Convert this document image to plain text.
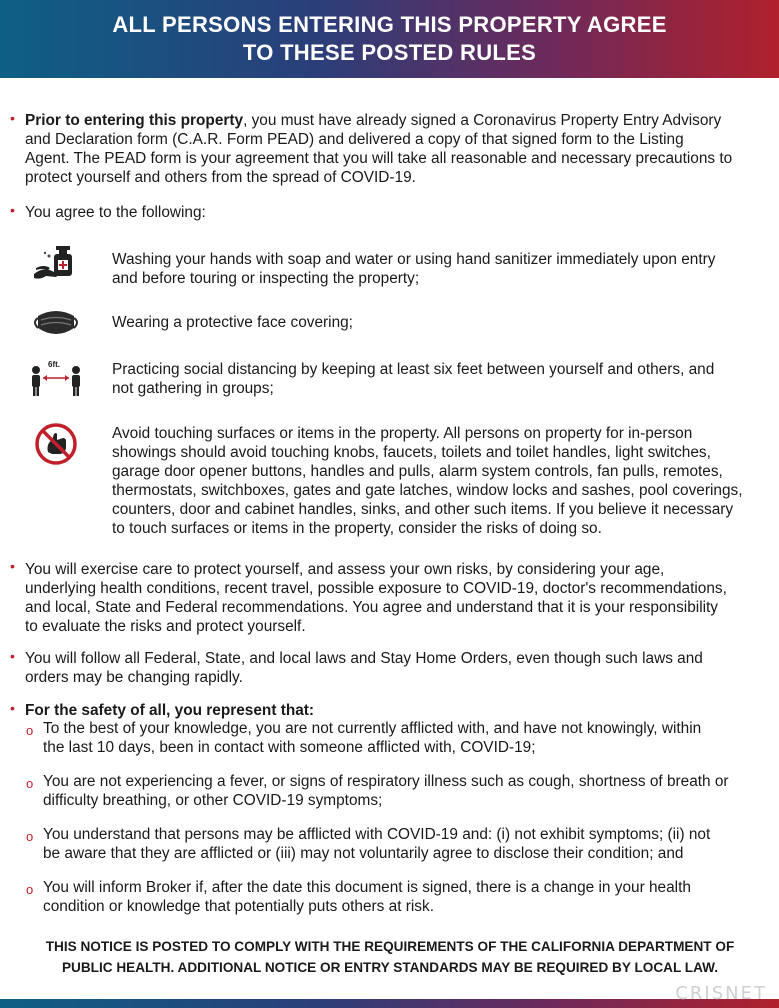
ALL PERSONS ENTERING THIS PROPERTY AGREE
TO THESE POSTED RULES
• Prior to entering this property, you must have already signed a Coronavirus Property Entry Advisory
and Declaration form (C.A.R. Form PEAD) and delivered a copy of that signed form to the Listing
Agent. The PEAD form is your agreement that you will take all reasonable and necessary precautions to
protect yourself and others from the spread of COVID-19.
• You agree to the following:
Washing your hands with soap and water or using hand sanitizer immediately upon entry
and before touring or inspecting the property;
Wearing a protective face covering;
6ft.	Practicing social distancing by keeping at least six feet between yourself and others, and
not gathering in groups;
Avoid touching surfaces or items in the property. All persons on property for in-person
showings should avoid touching knobs, faucets, toilets and toilet handles, light switches,
garage door opener buttons, handles and pulls, alarm system controls, fan pulls, remotes,
thermostats, switchboxes, gates and gate latches, window locks and sashes, pool coverings,
counters, door and cabinet handles, sinks, and other such items. If you believe it necessary
to touch surfaces or items in the property, consider the risks of doing so.
• You will exercise care to protect yourself, and assess your own risks, by considering your age,
underlying health conditions, recent travel, possible exposure to COVID-19, doctor's recommendations,
and local, State and Federal recommendations. You agree and understand that it is your responsibility
to evaluate the risks and protect yourself.
• You will follow all Federal, State, and local laws and Stay Home Orders, even though such laws and
orders may be changing rapidly.
• For the safety of all, you represent that:
o To the best of your knowledge, you are not currently afflicted with, and have not knowingly, within
the last 10 days, been in contact with someone afflicted with, COVID-19;
o You are not experiencing a fever, or signs of respiratory illness such as cough, shortness of breath or
difficulty breathing, or other COVID-19 symptoms;
o You understand that persons may be afflicted with COVID-19 and: (i) not exhibit symptoms; (ii) not
be aware that they are afflicted or (iii) may not voluntarily agree to disclose their condition; and
o You will inform Broker if, after the date this document is signed, there is a change in your health
condition or knowledge that potentially puts others at risk.
THIS NOTICE IS POSTED TO COMPLY WITH THE REQUIREMENTS OF THE CALIFORNIA DEPARTMENT OF
PUBLIC HEALTH. ADDITIONAL NOTICE OR ENTRY STANDARDS MAY BE REQUIRED BY LOCAL LAW.
CRISNET
